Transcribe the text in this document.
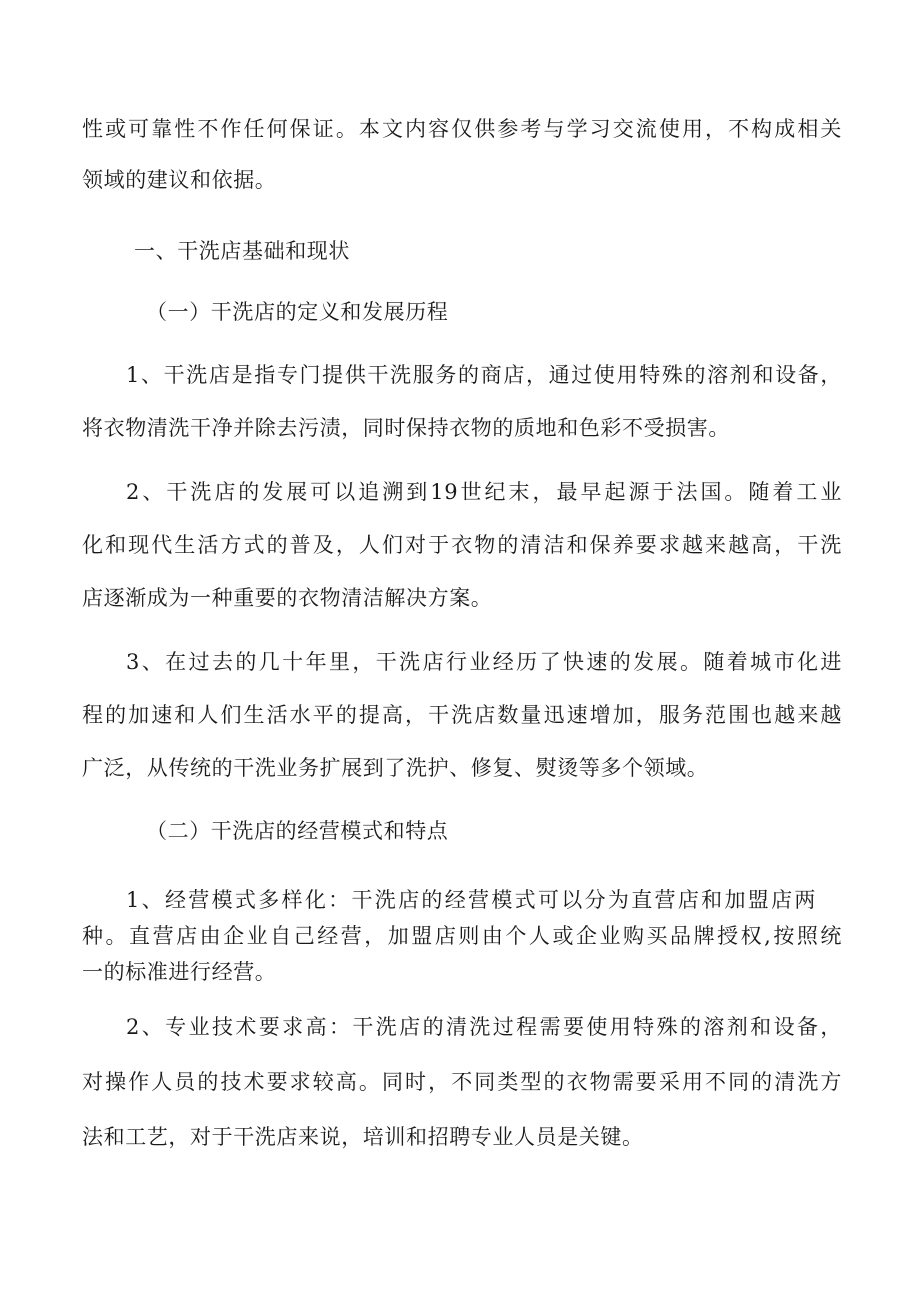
性或可靠性不作任何保证。本文内容仅供参考与学习交流使用，不构成相关

领域的建议和依据。

一、干洗店基础和现状

（一）干洗店的定义和发展历程

1、干洗店是指专门提供干洗服务的商店，通过使用特殊的溶剂和设备，

将衣物清洗干净并除去污渍，同时保持衣物的质地和色彩不受损害。

2、干洗店的发展可以追溯到19世纪末，最早起源于法国。随着工业

化和现代生活方式的普及，人们对于衣物的清洁和保养要求越来越高，干洗

店逐渐成为一种重要的衣物清洁解决方案。

3、在过去的几十年里，干洗店行业经历了快速的发展。随着城市化进

程的加速和人们生活水平的提高，干洗店数量迅速增加，服务范围也越来越

广泛，从传统的干洗业务扩展到了洗护、修复、熨烫等多个领域。

（二）干洗店的经营模式和特点

1、经营模式多样化：干洗店的经营模式可以分为直营店和加盟店两

种。直营店由企业自己经营，加盟店则由个人或企业购买品牌授权,按照统

一的标准进行经营。

2、专业技术要求高：干洗店的清洗过程需要使用特殊的溶剂和设备，

对操作人员的技术要求较高。同时，不同类型的衣物需要采用不同的清洗方

法和工艺，对于干洗店来说，培训和招聘专业人员是关键。
